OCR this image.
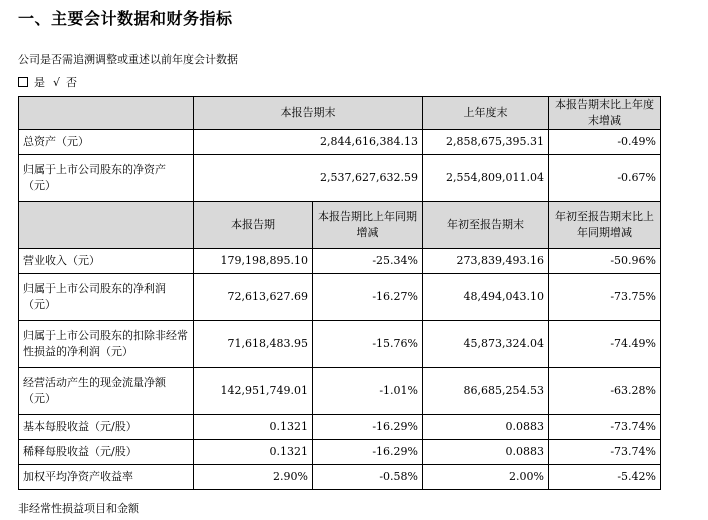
一、主要会计数据和财务指标
公司是否需追溯调整或重述以前年度会计数据
是 √ 否
	本报告期末		上年度末	本报告期末比上年度末增减
总资产（元）	2,844,616,384.13		2,858,675,395.31	-0.49%
归属于上市公司股东的净资产（元）	2,537,627,632.59		2,554,809,011.04	-0.67%
	本报告期	本报告期比上年同期增减	年初至报告期末	年初至报告期末比上年同期增减
营业收入（元）	179,198,895.10	-25.34%	273,839,493.16	-50.96%
归属于上市公司股东的净利润（元）	72,613,627.69	-16.27%	48,494,043.10	-73.75%
归属于上市公司股东的扣除非经常性损益的净利润（元）	71,618,483.95	-15.76%	45,873,324.04	-74.49%
经营活动产生的现金流量净额（元）	142,951,749.01	-1.01%	86,685,254.53	-63.28%
基本每股收益（元/股）	0.1321	-16.29%	0.0883	-73.74%
稀释每股收益（元/股）	0.1321	-16.29%	0.0883	-73.74%
加权平均净资产收益率	2.90%	-0.58%	2.00%	-5.42%
非经常性损益项目和金额
